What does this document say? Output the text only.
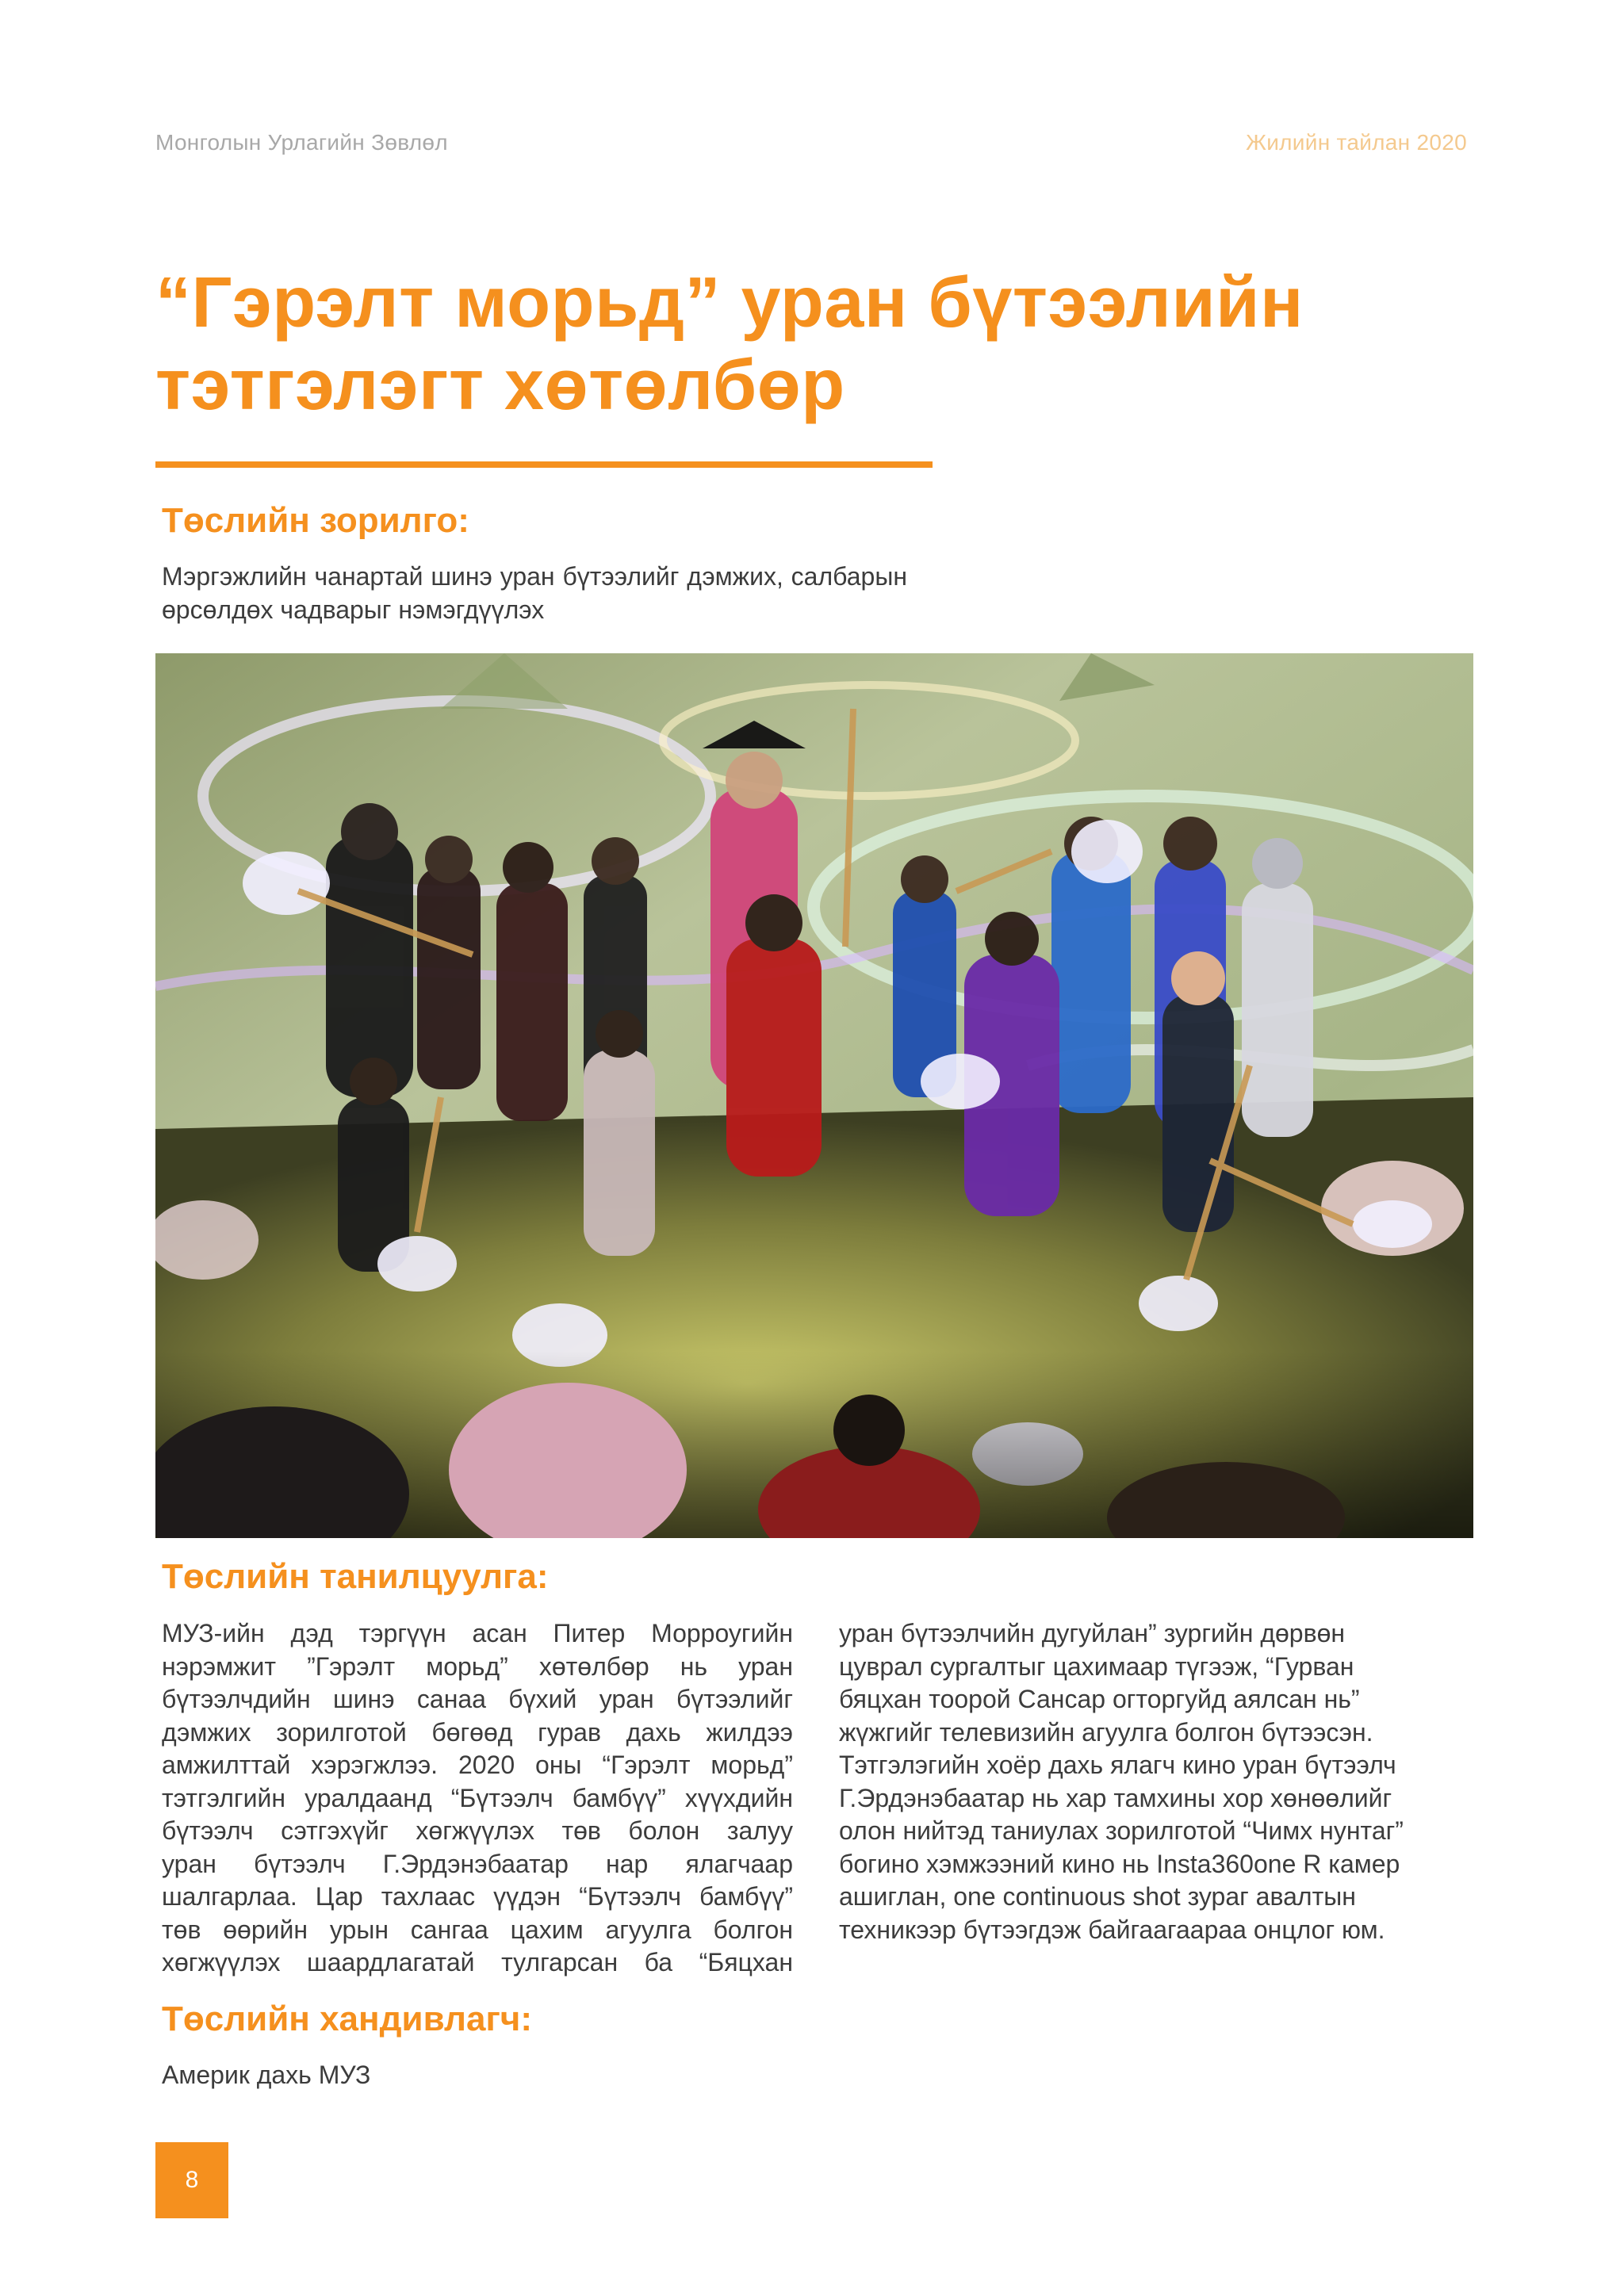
Монголын Урлагийн Зөвлөл	Жилийн тайлан 2020
“Гэрэлт морьд” уран бүтээлийн
тэтгэлэгт хөтөлбөр
Төслийн зорилго:

Мэргэжлийн чанартай шинэ уран бүтээлийг дэмжих, салбарын өрсөлдөх чадварыг нэмэгдүүлэх

Төслийн танилцуулга:

МУЗ-ийн дэд тэргүүн асан Питер Морроугийн
нэрэмжит ”Гэрэлт морьд” хөтөлбөр нь уран
бүтээлчдийн шинэ санаа бүхий уран бүтээлийг
дэмжих зорилготой бөгөөд гурав дахь жилдээ
амжилттай хэрэгжлээ. 2020 оны “Гэрэлт морьд”
тэтгэлгийн уралдаанд “Бүтээлч бамбүү” хүүхдийн
бүтээлч сэтгэхүйг хөгжүүлэх төв болон залуу
уран бүтээлч Г.Эрдэнэбаатар нар ялагчаар
шалгарлаа. Цар тахлаас үүдэн “Бүтээлч бамбүү”
төв өөрийн урын сангаа цахим агуулга болгон
хөгжүүлэх шаардлагатай тулгарсан ба “Бяцхан

уран бүтээлчийн дугуйлан” зургийн дөрвөн
цуврал сургалтыг цахимаар түгээж, “Гурван
бяцхан тоорой Сансар огторгуйд аялсан нь”
жүжгийг телевизийн агуулга болгон бүтээсэн.
Тэтгэлэгийн хоёр дахь ялагч кино уран бүтээлч
Г.Эрдэнэбаатар нь хар тамхины хор хөнөөлийг
олон нийтэд таниулах зорилготой “Чимх нунтаг”
богино хэмжээний кино нь Insta360one R камер
ашиглан, one continuous shot зураг авалтын
техникээр бүтээгдэж байгаагаараа онцлог юм.

Төслийн хандивлагч:

Америк дахь МУЗ

8
